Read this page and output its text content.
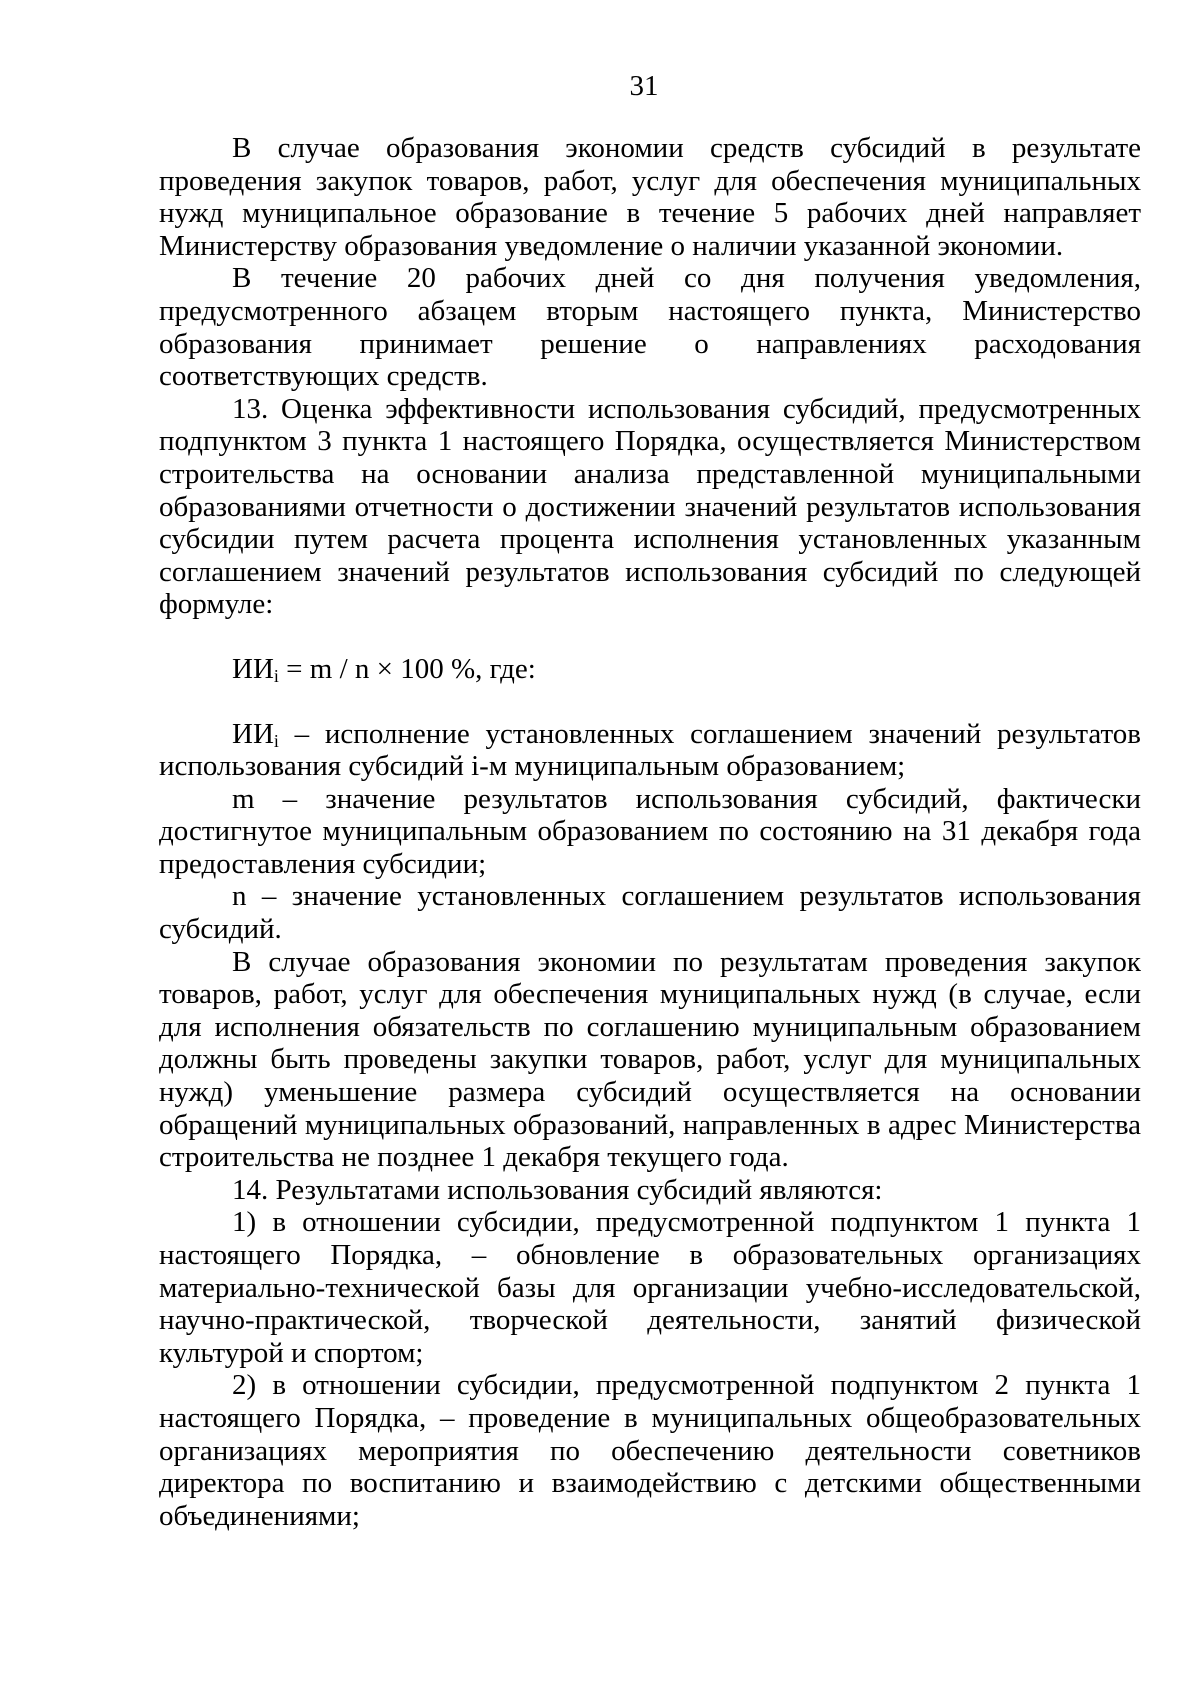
31

В случае образования экономии средств субсидий в результате проведения закупок товаров, работ, услуг для обеспечения муниципальных нужд муниципальное образование в течение 5 рабочих дней направляет Министерству образования уведомление о наличии указанной экономии.

В течение 20 рабочих дней со дня получения уведомления, предусмотренного абзацем вторым настоящего пункта, Министерство образования принимает решение о направлениях расходования соответствующих средств.

13. Оценка эффективности использования субсидий, предусмотренных подпунктом 3 пункта 1 настоящего Порядка, осуществляется Министерством строительства на основании анализа представленной муниципальными образованиями отчетности о достижении значений результатов использования субсидии путем расчета процента исполнения установленных указанным соглашением значений результатов использования субсидий по следующей формуле:

$ИИ_i = m / n \times 100$ %, где:

$ИИ_i$ – исполнение установленных соглашением значений результатов использования субсидий i-м муниципальным образованием;

m – значение результатов использования субсидий, фактически достигнутое муниципальным образованием по состоянию на 31 декабря года предоставления субсидии;

n – значение установленных соглашением результатов использования субсидий.

В случае образования экономии по результатам проведения закупок товаров, работ, услуг для обеспечения муниципальных нужд (в случае, если для исполнения обязательств по соглашению муниципальным образованием должны быть проведены закупки товаров, работ, услуг для муниципальных нужд) уменьшение размера субсидий осуществляется на основании обращений муниципальных образований, направленных в адрес Министерства строительства не позднее 1 декабря текущего года.

14. Результатами использования субсидий являются:

1) в отношении субсидии, предусмотренной подпунктом 1 пункта 1 настоящего Порядка, – обновление в образовательных организациях материально-технической базы для организации учебно-исследовательской, научно-практической, творческой деятельности, занятий физической культурой и спортом;

2) в отношении субсидии, предусмотренной подпунктом 2 пункта 1 настоящего Порядка, – проведение в муниципальных общеобразовательных организациях мероприятия по обеспечению деятельности советников директора по воспитанию и взаимодействию с детскими общественными объединениями;
